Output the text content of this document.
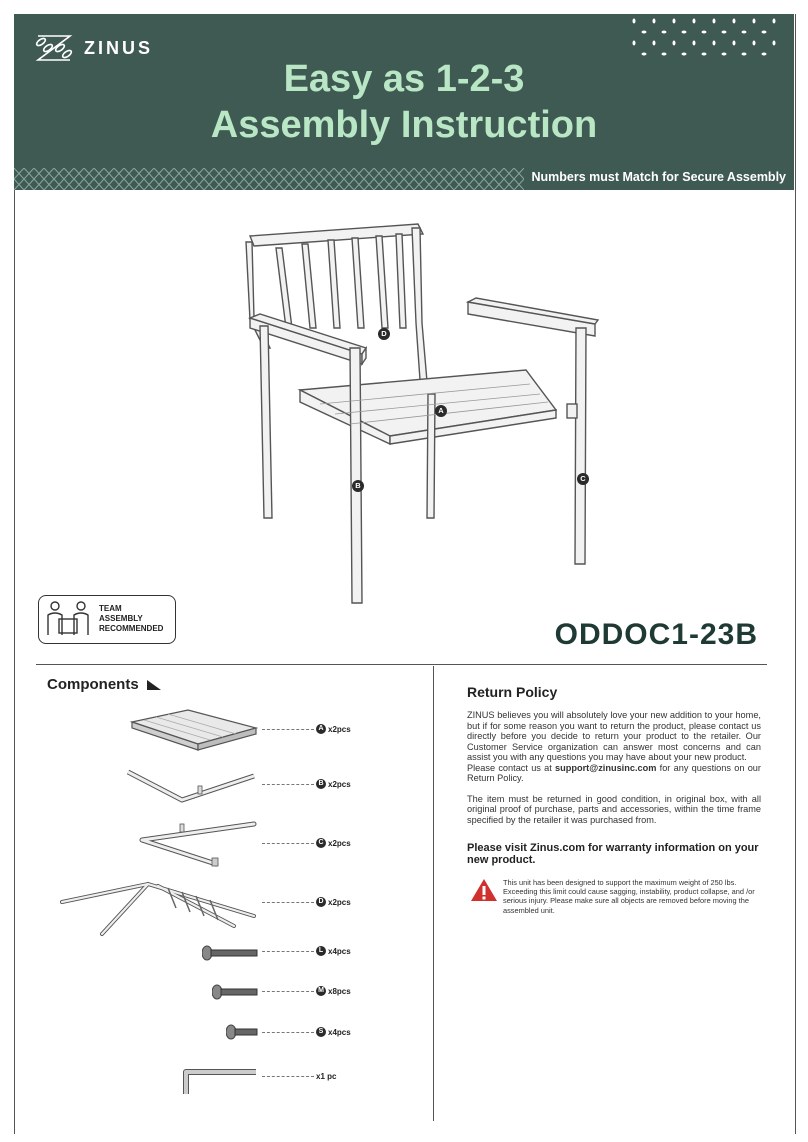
ZINUS
Easy as 1-2-3
Assembly Instruction
Numbers must Match for Secure Assembly
D
A
B
C
TEAM
ASSEMBLY
RECOMMENDED	ODDOC1-23B
Components
A x2pcs
B x2pcs
C x2pcs
D x2pcs
L x4pcs
M x8pcs
S x4pcs
x1 pc
Return Policy

ZINUS believes you will absolutely love your new addition to your home, but if for some reason you want to return the product, please contact us directly before you decide to return your product to the retailer. Our Customer Service organization can answer most concerns and can assist you with any questions you may have about your new product.

Please contact us at support@zinusinc.com for any questions on our Return Policy.

The item must be returned in good condition, in original box, with all original proof of purchase, parts and accessories, within the time frame specified by the retailer it was purchased from.

Please visit Zinus.com for warranty information on your new product.
This unit has been designed to support the maximum weight of 250 lbs. Exceeding this limit could cause sagging, instability, product collapse, and /or serious injury. Please make sure all objects are removed before moving the assembled unit.
